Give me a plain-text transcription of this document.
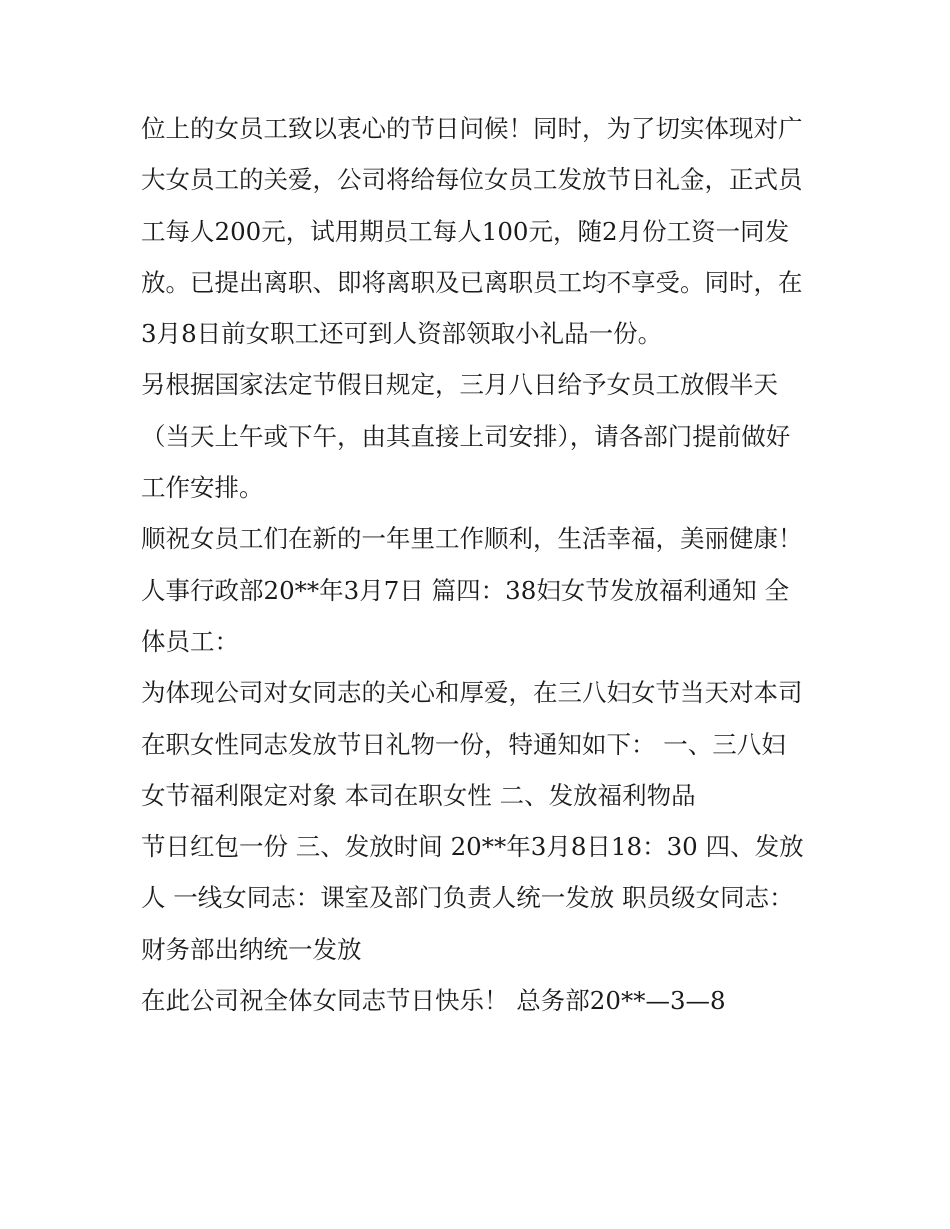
位上的女员工致以衷心的节日问候！同时，为了切实体现对广
大女员工的关爱，公司将给每位女员工发放节日礼金，正式员
工每人200元，试用期员工每人100元，随2月份工资一同发
放。已提出离职、即将离职及已离职员工均不享受。同时，在
3月8日前女职工还可到人资部领取小礼品一份。
另根据国家法定节假日规定，三月八日给予女员工放假半天
（当天上午或下午，由其直接上司安排），请各部门提前做好
工作安排。
顺祝女员工们在新的一年里工作顺利，生活幸福，美丽健康！
人事行政部20**年3月7日 篇四：38妇女节发放福利通知 全
体员工：
为体现公司对女同志的关心和厚爱，在三八妇女节当天对本司
在职女性同志发放节日礼物一份，特通知如下： 一、三八妇
女节福利限定对象 本司在职女性 二、发放福利物品
节日红包一份 三、发放时间 20**年3月8日18：30 四、发放
人 一线女同志：课室及部门负责人统一发放 职员级女同志：
财务部出纳统一发放
在此公司祝全体女同志节日快乐！ 总务部20**—3—8
